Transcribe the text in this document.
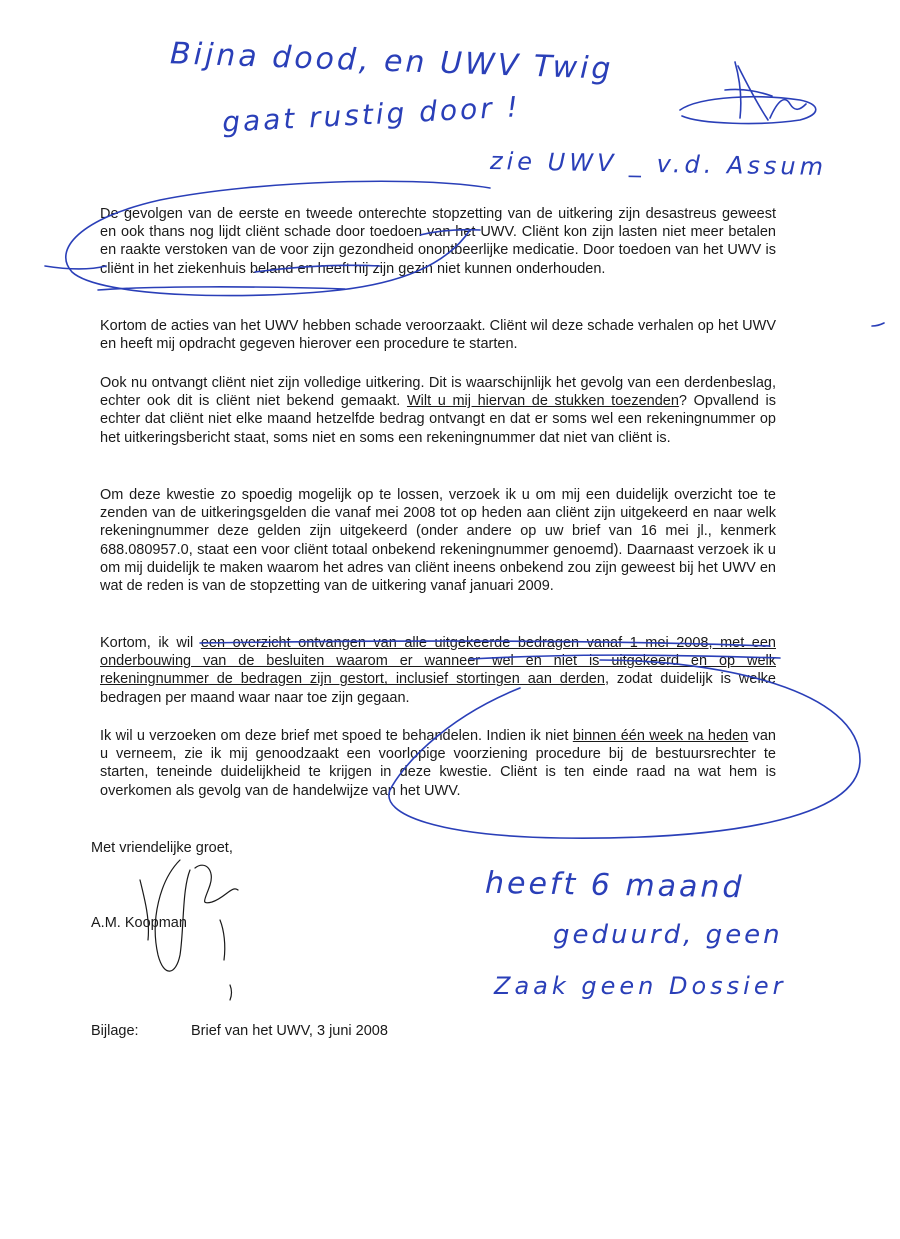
Bijna dood, en UWV Twig
gaat rustig door !
zie UWV _ v.d. Assum
heeft 6 maand
geduurd, geen
Zaak geen Dossier
De gevolgen van de eerste en tweede onterechte stopzetting van de uitkering zijn desastreus geweest en ook thans nog lijdt cliënt schade door toedoen van het UWV. Cliënt kon zijn lasten niet meer betalen en raakte verstoken van de voor zijn gezondheid onontbeerlijke medicatie. Door toedoen van het UWV is cliënt in het ziekenhuis beland en heeft hij zijn gezin niet kunnen onderhouden.
Kortom de acties van het UWV hebben schade veroorzaakt. Cliënt wil deze schade verhalen op het UWV en heeft mij opdracht gegeven hierover een procedure te starten.
Ook nu ontvangt cliënt niet zijn volledige uitkering. Dit is waarschijnlijk het gevolg van een derdenbeslag, echter ook dit is cliënt niet bekend gemaakt. Wilt u mij hiervan de stukken toezenden? Opvallend is echter dat cliënt niet elke maand hetzelfde bedrag ontvangt en dat er soms wel een rekeningnummer op het uitkeringsbericht staat, soms niet en soms een rekeningnummer dat niet van cliënt is.
Om deze kwestie zo spoedig mogelijk op te lossen, verzoek ik u om mij een duidelijk overzicht toe te zenden van de uitkeringsgelden die vanaf mei 2008 tot op heden aan cliënt zijn uitgekeerd en naar welk rekeningnummer deze gelden zijn uitgekeerd (onder andere op uw brief van 16 mei jl., kenmerk 688.080957.0, staat een voor cliënt totaal onbekend rekeningnummer genoemd). Daarnaast verzoek ik u om mij duidelijk te maken waarom het adres van cliënt ineens onbekend zou zijn geweest bij het UWV en wat de reden is van de stopzetting van de uitkering vanaf januari 2009.
Kortom, ik wil een overzicht ontvangen van alle uitgekeerde bedragen vanaf 1 mei 2008, met een onderbouwing van de besluiten waarom er wanneer wel en niet is uitgekeerd en op welk rekeningnummer de bedragen zijn gestort, inclusief stortingen aan derden, zodat duidelijk is welke bedragen per maand waar naar toe zijn gegaan.
Ik wil u verzoeken om deze brief met spoed te behandelen. Indien ik niet binnen één week na heden van u verneem, zie ik mij genoodzaakt een voorlopige voorziening procedure bij de bestuursrechter te starten, teneinde duidelijkheid te krijgen in deze kwestie. Cliënt is ten einde raad na wat hem is overkomen als gevolg van de handelwijze van het UWV.
Met vriendelijke groet,
A.M. Koopman
Bijlage:	Brief van het UWV, 3 juni 2008
